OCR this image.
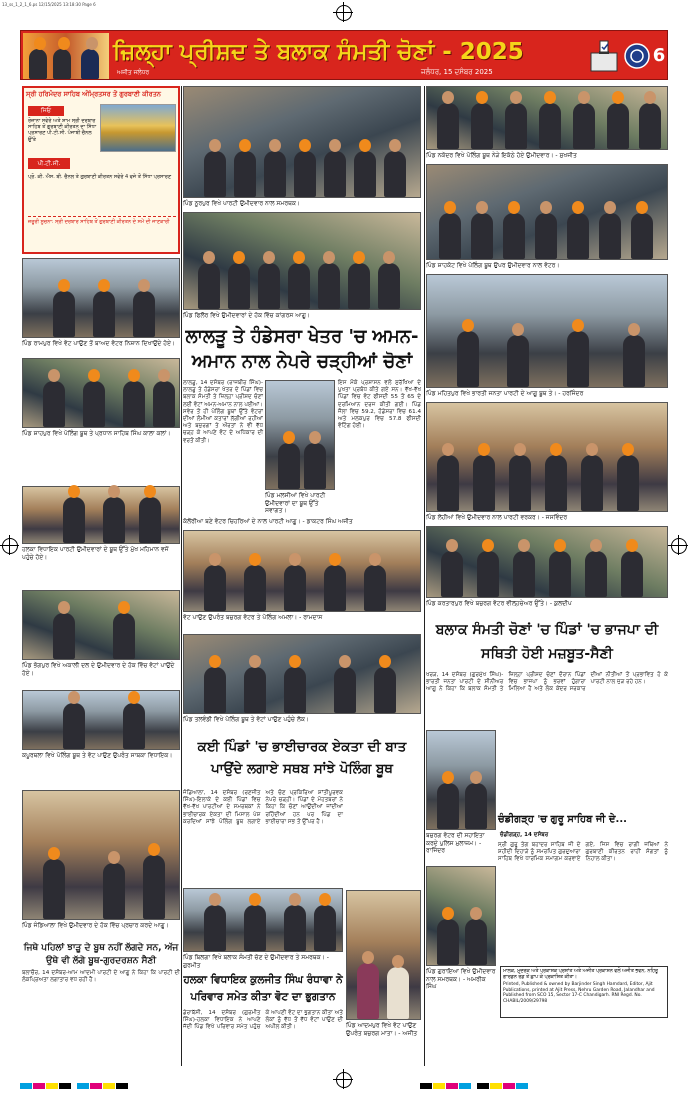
13_ss_1_2_1_6.ps 12/15/2025 13:18:30 Page 6
ਜ਼ਿਲ੍ਹਾ ਪ੍ਰੀਸ਼ਦ ਤੇ ਬਲਾਕ ਸੰਮਤੀ ਚੋਣਾਂ - 2025
ਅਜੀਤ ਜਲੰਧਰ	ਜਲੰਧਰ, 15 ਦਸੰਬਰ 2025
6
ਸ੍ਰੀ ਹਰਿਮੰਦਰ ਸਾਹਿਬ ਅੰਮ੍ਰਿਤਸਰ ਤੋਂ ਗੁਰਬਾਣੀ ਕੀਰਤਨ
ਜਿਓ
ਰੋਜ਼ਾਨਾ ਸਵੇਰੇ ਅਤੇ ਸ਼ਾਮ ਸ੍ਰੀ ਦਰਬਾਰ ਸਾਹਿਬ ਤੋਂ ਗੁਰਬਾਣੀ ਕੀਰਤਨ ਦਾ ਸਿੱਧਾ ਪ੍ਰਸਾਰਣ ਪੀ.ਟੀ.ਸੀ. ਪੰਜਾਬੀ ਚੈਨਲ ਉੱਤੇ
ਪੀ.ਟੀ.ਸੀ.
ਪ੍ਰੋ. ਕੀ. ਐਸ. ਬੀ. ਚੈਨਲ ਤੇ ਗੁਰਬਾਣੀ ਕੀਰਤਨ ਸਵੇਰੇ 4 ਵਜੇ ਤੋਂ ਸਿੱਧਾ ਪ੍ਰਸਾਰਣ
ਜ਼ਰੂਰੀ ਸੂਚਨਾ: ਸ੍ਰੀ ਦਰਬਾਰ ਸਾਹਿਬ ਤੋਂ ਗੁਰਬਾਣੀ ਕੀਰਤਨ ਦੇ ਸਮੇਂ ਦੀ ਜਾਣਕਾਰੀ
ਪਿੰਡ ਰਾਮਪੁਰ ਵਿਖੇ ਵੋਟ ਪਾਉਣ ਤੋਂ ਬਾਅਦ ਵੋਟਰ ਨਿਸ਼ਾਨ ਦਿਖਾਉਂਦੇ ਹੋਏ।
ਪਿੰਡ ਸ਼ਾਹਪੁਰ ਵਿਖੇ ਪੋਲਿੰਗ ਬੂਥ ਤੇ ਪ੍ਰਧਾਨ ਸਾਹਿਬ ਸਿੰਘ ਕਾਲਾ ਕਲਾਂ।
ਹਲਕਾ ਵਿਧਾਇਕ ਪਾਰਟੀ ਉਮੀਦਵਾਰਾਂ ਦੇ ਬੂਥ ਉੱਤੇ ਮੁੱਖ ਮਹਿਮਾਨ ਵਜੋਂ ਪਹੁੰਚੇ ਹੋਏ।
ਪਿੰਡ ਭੋਗਪੁਰ ਵਿਖੇ ਅਕਾਲੀ ਦਲ ਦੇ ਉਮੀਦਵਾਰ ਦੇ ਹੱਕ ਵਿੱਚ ਵੋਟਾਂ ਪਾਉਂਦੇ ਹੋਏ।
ਕਪੂਰਥਲਾ ਵਿਖੇ ਪੋਲਿੰਗ ਬੂਥ ਤੇ ਵੋਟ ਪਾਉਣ ਉਪਰੰਤ ਸਾਬਕਾ ਵਿਧਾਇਕ।
ਪਿੰਡ ਜੰਡਿਆਲਾ ਵਿਖੇ ਉਮੀਦਵਾਰ ਦੇ ਹੱਕ ਵਿੱਚ ਪ੍ਰਚਾਰ ਕਰਦੇ ਆਗੂ।
ਜਿਥੇ ਪਹਿਲਾਂ ਝਾੜੂ ਦੇ ਬੂਥ ਨਹੀਂ ਲੱਗਦੇ ਸਨ, ਅੱਜ ਉਥੇ ਵੀ ਲੱਗੇ ਬੂਥ-ਗੁਰਦਰਸ਼ਨ ਸੈਣੀ
ਬਲਾਚੌਰ, 14 ਦਸੰਬਰ-ਆਮ ਆਦਮੀ ਪਾਰਟੀ ਦੇ ਆਗੂ ਨੇ ਕਿਹਾ ਕਿ ਪਾਰਟੀ ਦੀ ਲੋਕਪ੍ਰਿਅਤਾ ਲਗਾਤਾਰ ਵਧ ਰਹੀ ਹੈ।
ਪਿੰਡ ਨੂਰਪੁਰ ਵਿਖੇ ਪਾਰਟੀ ਉਮੀਦਵਾਰ ਨਾਲ ਸਮਰਥਕ।
ਪਿੰਡ ਫਿਲੌਰ ਵਿਖੇ ਉਮੀਦਵਾਰਾਂ ਦੇ ਹੱਕ ਵਿੱਚ ਕਾਂਗਰਸ ਆਗੂ।
ਲਾਲੜੂ ਤੇ ਹੰਡੇਸਰਾ ਖੇਤਰ 'ਚ ਅਮਨ-ਅਮਾਨ ਨਾਲ ਨੇਪਰੇ ਚੜ੍ਹੀਆਂ ਚੋਣਾਂ
ਲਾਲੜੂ, 14 ਦਸੰਬਰ (ਰਾਜਬੀਰ ਸਿੰਘ)-ਲਾਲੜੂ ਤੇ ਹੰਡੇਸਰਾ ਖੇਤਰ ਦੇ ਪਿੰਡਾਂ ਵਿਚ ਬਲਾਕ ਸੰਮਤੀ ਤੇ ਜ਼ਿਲ੍ਹਾ ਪ੍ਰੀਸ਼ਦ ਚੋਣਾਂ ਲਈ ਵੋਟਾਂ ਅਮਨ-ਅਮਾਨ ਨਾਲ ਪਈਆਂ। ਸਵੇਰ ਤੋਂ ਹੀ ਪੋਲਿੰਗ ਬੂਥਾਂ ਉੱਤੇ ਵੋਟਰਾਂ ਦੀਆਂ ਲੰਮੀਆਂ ਕਤਾਰਾਂ ਲੱਗੀਆਂ ਰਹੀਆਂ ਅਤੇ ਬਜ਼ੁਰਗਾਂ ਤੇ ਔਰਤਾਂ ਨੇ ਵੀ ਵੱਧ ਚੜ੍ਹ ਕੇ ਆਪਣੇ ਵੋਟ ਦੇ ਅਧਿਕਾਰ ਦੀ ਵਰਤੋਂ ਕੀਤੀ।
ਪਿੰਡ ਮਲਸੀਆਂ ਵਿਖੇ ਪਾਰਟੀ ਉਮੀਦਵਾਰਾਂ ਦਾ ਬੂਥ ਉੱਤੇ ਸਵਾਗਤ।
ਇਸ ਮੌਕੇ ਪ੍ਰਸ਼ਾਸਨ ਵਲੋਂ ਸੁਰੱਖਿਆ ਦੇ ਪੁਖਤਾ ਪ੍ਰਬੰਧ ਕੀਤੇ ਗਏ ਸਨ। ਵੱਖ-ਵੱਖ ਪਿੰਡਾਂ ਵਿਚ ਵੋਟ ਫੀਸਦੀ 55 ਤੋਂ 65 ਦੇ ਦਰਮਿਆਨ ਦਰਜ ਕੀਤੀ ਗਈ। ਪਿੰਡ ਜੌਲਾ ਵਿਚ 59.2, ਹੰਡੇਸਰਾ ਵਿਚ 61.4 ਅਤੇ ਮਲਕਪੁਰ ਵਿਚ 57.8 ਫੀਸਦੀ ਵੋਟਿੰਗ ਹੋਈ।
ਕੱਲੋਂਰੀਆ ਬਣੇ ਵੋਟਰ ਚਿਹਰਿਆਂ ਦੇ ਨਾਲ ਪਾਰਟੀ ਆਗੂ। - ਡਾਕਟਰ ਸਿੰਘ ਅਜੀਤ
ਵੋਟ ਪਾਉਣ ਉਪਰੰਤ ਬਜ਼ੁਰਗ ਵੋਟਰ ਤੇ ਪੋਲਿੰਗ ਅਮਲਾ। - ਰਾਮਦਾਸ
ਪਿੰਡ ਤਲਵੰਡੀ ਵਿਖੇ ਪੋਲਿੰਗ ਬੂਥ ਤੇ ਵੋਟਾਂ ਪਾਉਣ ਪਹੁੰਚੇ ਲੋਕ।
ਕਈ ਪਿੰਡਾਂ 'ਚ ਭਾਈਚਾਰਕ ਏਕਤਾ ਦੀ ਬਾਤ ਪਾਉਂਦੇ ਲਗਾਏ ਸਥਬ ਸਾਂਝੇ ਪੋਲਿੰਗ ਬੂਥ
ਜੰਡਿਆਲਾ, 14 ਦਸੰਬਰ (ਰਣਜੀਤ ਸਿੰਘ)-ਇਲਾਕੇ ਦੇ ਕਈ ਪਿੰਡਾਂ ਵਿਚ ਵੱਖ-ਵੱਖ ਪਾਰਟੀਆਂ ਦੇ ਸਮਰਥਕਾਂ ਨੇ ਭਾਈਚਾਰਕ ਏਕਤਾ ਦੀ ਮਿਸਾਲ ਪੇਸ਼ ਕਰਦਿਆਂ ਸਾਂਝੇ ਪੋਲਿੰਗ ਬੂਥ ਲਗਾਏ ਅਤੇ ਚੋਣ ਪ੍ਰਕਿਰਿਆ ਸ਼ਾਂਤੀਪੂਰਵਕ ਨੇਪਰੇ ਚੜ੍ਹੀ। ਪਿੰਡਾਂ ਦੇ ਮੋਹਤਬਰਾਂ ਨੇ ਕਿਹਾ ਕਿ ਚੋਣਾਂ ਆਉਂਦੀਆਂ ਜਾਂਦੀਆਂ ਰਹਿੰਦੀਆਂ ਹਨ ਪਰ ਪਿੰਡ ਦਾ ਭਾਈਚਾਰਾ ਸਭ ਤੋਂ ਉੱਪਰ ਹੈ।
ਪਿੰਡ ਬਿਲਗਾ ਵਿਖੇ ਬਲਾਕ ਸੰਮਤੀ ਚੋਣ ਦੇ ਉਮੀਦਵਾਰ ਤੇ ਸਮਰਥਕ। - ਗੁਰਮੀਤ
ਹਲਕਾ ਵਿਧਾਇਕ ਕੁਲਜੀਤ ਸਿੰਘ ਰੰਧਾਵਾ ਨੇ ਪਰਿਵਾਰ ਸਮੇਤ ਕੀਤਾ ਵੋਟ ਦਾ ਭੁਗਤਾਨ
ਡੇਰਾਬੱਸੀ, 14 ਦਸੰਬਰ (ਗੁਰਮੀਤ ਸਿੰਘ)-ਹਲਕਾ ਵਿਧਾਇਕ ਨੇ ਆਪਣੇ ਜੱਦੀ ਪਿੰਡ ਵਿਖੇ ਪਰਿਵਾਰ ਸਮੇਤ ਪਹੁੰਚ ਕੇ ਆਪਣੀ ਵੋਟ ਦਾ ਭੁਗਤਾਨ ਕੀਤਾ ਅਤੇ ਲੋਕਾਂ ਨੂੰ ਵੱਧ ਤੋਂ ਵੱਧ ਵੋਟਾਂ ਪਾਉਣ ਦੀ ਅਪੀਲ ਕੀਤੀ।	ਪਿੰਡ ਆਦਮਪੁਰ ਵਿਖੇ ਵੋਟ ਪਾਉਣ ਉਪਰੰਤ ਬਜ਼ੁਰਗ ਮਾਤਾ। - ਅਜੀਤ
ਪਿੰਡ ਨਕੋਦਰ ਵਿਖੇ ਪੋਲਿੰਗ ਬੂਥ ਨੇੜੇ ਇਕੱਠੇ ਹੋਏ ਉਮੀਦਵਾਰ। - ਸੁਖਜੀਤ
ਪਿੰਡ ਸ਼ਾਹਕੋਟ ਵਿਖੇ ਪੋਲਿੰਗ ਬੂਥ ਉਪਰ ਉਮੀਦਵਾਰ ਨਾਲ ਵੋਟਰ।
ਪਿੰਡ ਮਹਿਤਪੁਰ ਵਿਖੇ ਭਾਰਤੀ ਜਨਤਾ ਪਾਰਟੀ ਦੇ ਆਗੂ ਬੂਥ ਤੇ। - ਹਰਜਿੰਦਰ
ਪਿੰਡ ਲੋਹੀਆਂ ਵਿਖੇ ਉਮੀਦਵਾਰ ਨਾਲ ਪਾਰਟੀ ਵਰਕਰ। - ਜਸਵਿੰਦਰ
ਪਿੰਡ ਕਰਤਾਰਪੁਰ ਵਿਖੇ ਬਜ਼ੁਰਗ ਵੋਟਰ ਵੀਲ੍ਹਚੇਅਰ ਉੱਤੇ। - ਕੁਲਦੀਪ
ਬਲਾਕ ਸੰਮਤੀ ਚੋਣਾਂ 'ਚ ਪਿੰਡਾਂ 'ਚ ਭਾਜਪਾ ਦੀ ਸਥਿਤੀ ਹੋਈ ਮਜ਼ਬੂਤ-ਸੈਣੀ
ਖਰੜ, 14 ਦਸੰਬਰ (ਗੁਰਮੁੱਖ ਸਿੰਘ)-ਭਾਰਤੀ ਜਨਤਾ ਪਾਰਟੀ ਦੇ ਸੀਨੀਅਰ ਆਗੂ ਨੇ ਕਿਹਾ ਕਿ ਬਲਾਕ ਸੰਮਤੀ ਤੇ ਜ਼ਿਲ੍ਹਾ ਪ੍ਰੀਸ਼ਦ ਚੋਣਾਂ ਦੌਰਾਨ ਪਿੰਡਾਂ ਵਿਚ ਭਾਜਪਾ ਨੂੰ ਭਰਵਾਂ ਹੁੰਗਾਰਾ ਮਿਲਿਆ ਹੈ ਅਤੇ ਲੋਕ ਕੇਂਦਰ ਸਰਕਾਰ ਦੀਆਂ ਨੀਤੀਆਂ ਤੋਂ ਪ੍ਰਭਾਵਿਤ ਹੋ ਕੇ ਪਾਰਟੀ ਨਾਲ ਜੁੜ ਰਹੇ ਹਨ।
ਬਜ਼ੁਰਗ ਵੋਟਰ ਦੀ ਸਹਾਇਤਾ ਕਰਦੇ ਪੁਲਿਸ ਮੁਲਾਜ਼ਮ। - ਰਾਜਿੰਦਰ
ਚੰਡੀਗੜ੍ਹ 'ਚ ਗੁਰੂ ਸਾਹਿਬ ਜੀ ਦੇ...
ਪਿੰਡ ਗੁਰਾਇਆ ਵਿਖੇ ਉਮੀਦਵਾਰ ਨਾਲ ਸਮਰਥਕ। - ਅਮਰੀਕ ਸਿੰਘ
ਚੰਡੀਗੜ੍ਹ, 14 ਦਸੰਬਰ
ਸ੍ਰੀ ਗੁਰੂ ਤੇਗ ਬਹਾਦਰ ਸਾਹਿਬ ਜੀ ਦੇ ਸ਼ਹੀਦੀ ਦਿਹਾੜੇ ਨੂੰ ਸਮਰਪਿਤ ਗੁਰਦੁਆਰਾ ਸਾਹਿਬ ਵਿਖੇ ਧਾਰਮਿਕ ਸਮਾਗਮ ਕਰਵਾਏ ਗਏ, ਜਿਸ ਵਿਚ ਰਾਗੀ ਜਥਿਆਂ ਨੇ ਗੁਰਬਾਣੀ ਕੀਰਤਨ ਰਾਹੀਂ ਸੰਗਤਾਂ ਨੂੰ ਨਿਹਾਲ ਕੀਤਾ।
ਮਾਲਕ, ਮੁਦਰਕ ਅਤੇ ਪ੍ਰਕਾਸ਼ਕ ਪ੍ਰਸ਼ਾਂਤ ਅਤੇ ਅਜੀਤ ਪ੍ਰਕਾਸ਼ਨ ਵਲੋਂ ਅਜੀਤ ਭਵਨ, ਨਹਿਰੂ ਗਾਰਡਨ ਰੋਡ ਤੋਂ ਛਾਪ ਕੇ ਪ੍ਰਕਾਸ਼ਿਤ ਕੀਤਾ।
Printed, Published & owned by Barjinder Singh Hamdard, Editor, Ajit Publications, printed at Ajit Press, Nehru Garden Road, Jalandhar and Published from SCO 15, Sector 17-C Chandigarh. RNI Regd. No. CHABIL/2009/29798
